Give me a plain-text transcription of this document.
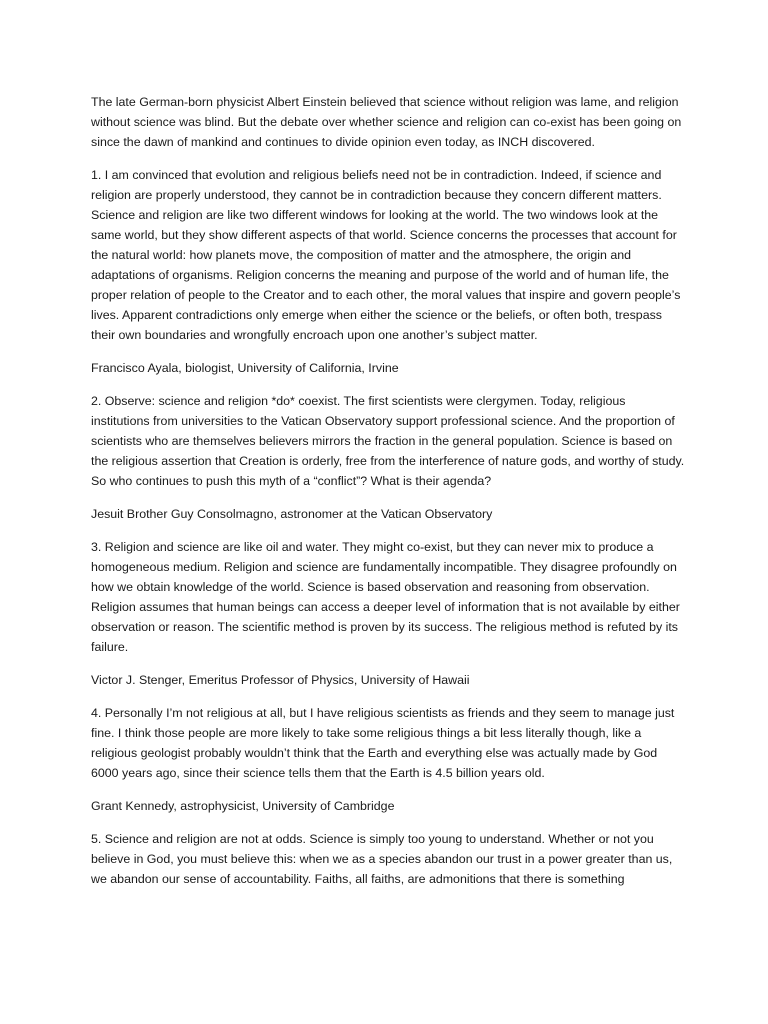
The late German-born physicist Albert Einstein believed that science without religion was lame, and religion without science was blind. But the debate over whether science and religion can co-exist has been going on since the dawn of mankind and continues to divide opinion even today, as INCH discovered.

1. I am convinced that evolution and religious beliefs need not be in contradiction. Indeed, if science and religion are properly understood, they cannot be in contradiction because they concern different matters. Science and religion are like two different windows for looking at the world. The two windows look at the same world, but they show different aspects of that world. Science concerns the processes that account for the natural world: how planets move, the composition of matter and the atmosphere, the origin and adaptations of organisms. Religion concerns the meaning and purpose of the world and of human life, the proper relation of people to the Creator and to each other, the moral values that inspire and govern people’s lives. Apparent contradictions only emerge when either the science or the beliefs, or often both, trespass their own boundaries and wrongfully encroach upon one another’s subject matter.

Francisco Ayala, biologist, University of California, Irvine

2. Observe: science and religion *do* coexist. The first scientists were clergymen. Today, religious institutions from universities to the Vatican Observatory support professional science. And the proportion of scientists who are themselves believers mirrors the fraction in the general population. Science is based on the religious assertion that Creation is orderly, free from the interference of nature gods, and worthy of study. So who continues to push this myth of a “conflict”? What is their agenda?

Jesuit Brother Guy Consolmagno, astronomer at the Vatican Observatory

3. Religion and science are like oil and water. They might co-exist, but they can never mix to produce a homogeneous medium. Religion and science are fundamentally incompatible. They disagree profoundly on how we obtain knowledge of the world. Science is based observation and reasoning from observation. Religion assumes that human beings can access a deeper level of information that is not available by either observation or reason. The scientific method is proven by its success. The religious method is refuted by its failure.

Victor J. Stenger, Emeritus Professor of Physics, University of Hawaii

4. Personally I’m not religious at all, but I have religious scientists as friends and they seem to manage just fine. I think those people are more likely to take some religious things a bit less literally though, like a religious geologist probably wouldn’t think that the Earth and everything else was actually made by God 6000 years ago, since their science tells them that the Earth is 4.5 billion years old.

Grant Kennedy, astrophysicist, University of Cambridge

5. Science and religion are not at odds. Science is simply too young to understand. Whether or not you believe in God, you must believe this: when we as a species abandon our trust in a power greater than us, we abandon our sense of accountability. Faiths, all faiths, are admonitions that there is something
